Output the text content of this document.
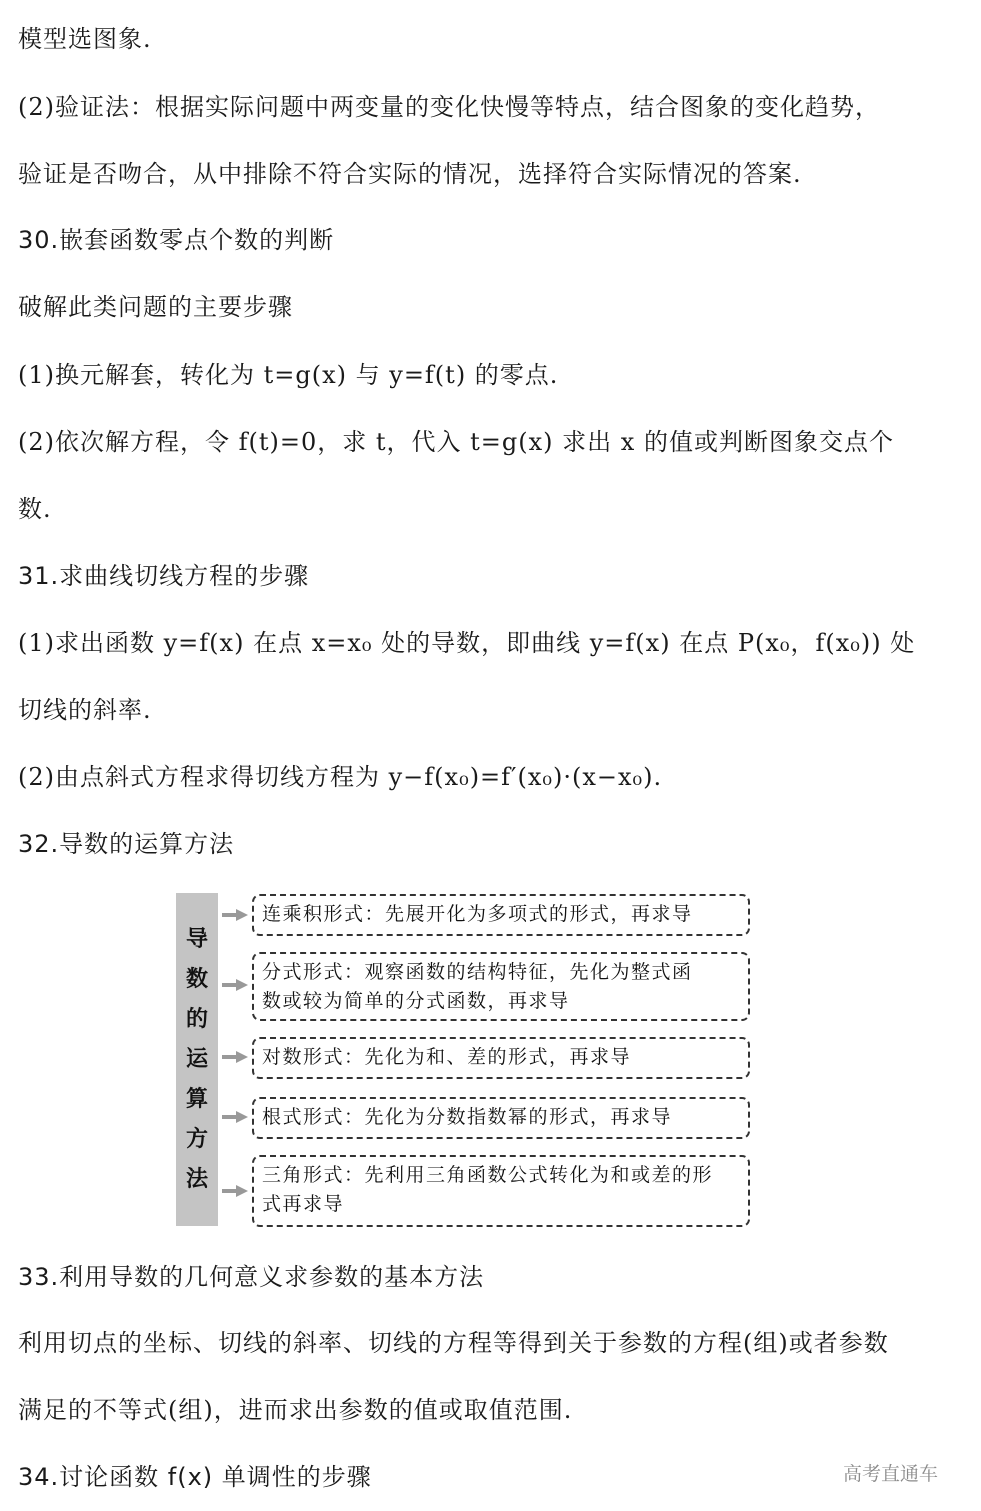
模型选图象.
(2)验证法：根据实际问题中两变量的变化快慢等特点，结合图象的变化趋势，
验证是否吻合，从中排除不符合实际的情况，选择符合实际情况的答案.
30.嵌套函数零点个数的判断
破解此类问题的主要步骤
(1)换元解套，转化为 t=g(x) 与 y=f(t) 的零点.
(2)依次解方程，令 f(t)=0，求 t，代入 t=g(x) 求出 x 的值或判断图象交点个
数.
31.求曲线切线方程的步骤
(1)求出函数 y=f(x) 在点 x=x₀ 处的导数，即曲线 y=f(x) 在点 P(x₀，f(x₀)) 处
切线的斜率.
(2)由点斜式方程求得切线方程为 y−f(x₀)=f′(x₀)·(x−x₀).
32.导数的运算方法
导
数
的
运
算
方
法
连乘积形式：先展开化为多项式的形式，再求导
分式形式：观察函数的结构特征，先化为整式函
数或较为简单的分式函数，再求导
对数形式：先化为和、差的形式，再求导
根式形式：先化为分数指数幂的形式，再求导
三角形式：先利用三角函数公式转化为和或差的形
式再求导
33.利用导数的几何意义求参数的基本方法
利用切点的坐标、切线的斜率、切线的方程等得到关于参数的方程(组)或者参数
满足的不等式(组)，进而求出参数的值或取值范围.
34.讨论函数 f(x) 单调性的步骤	高考直通车
